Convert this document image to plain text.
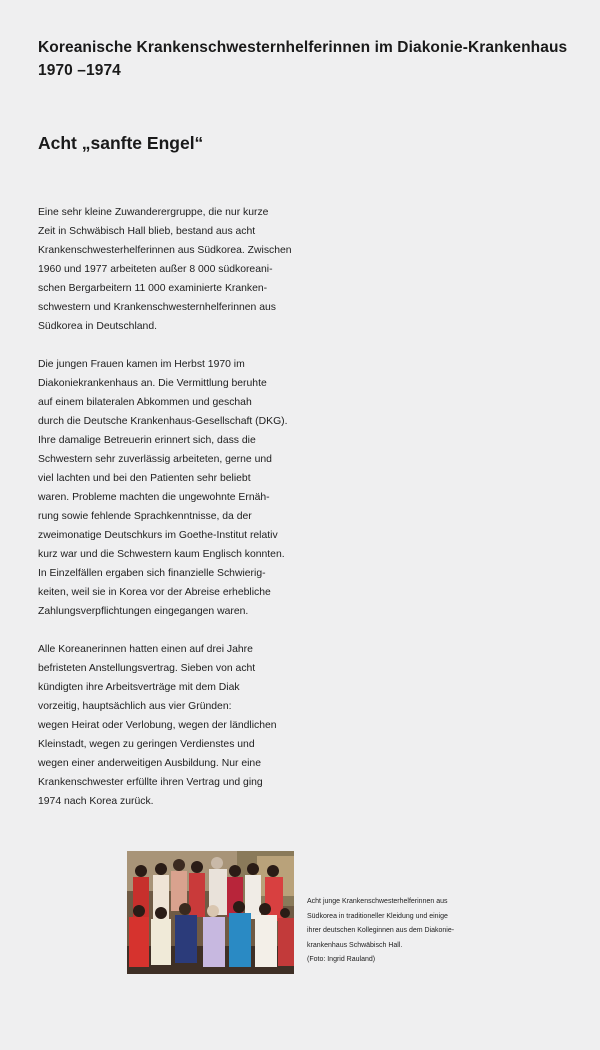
Koreanische Krankenschwesternhelferinnen im Diakonie-Krankenhaus
1970 –1974
Acht „sanfte Engel“

Eine sehr kleine Zuwanderergruppe, die nur kurze
Zeit in Schwäbisch Hall blieb, bestand aus acht
Krankenschwesterhelferinnen aus Südkorea. Zwischen
1960 und 1977 arbeiteten außer 8 000 südkoreani-
schen Bergarbeitern 11 000 examinierte Kranken-
schwestern und Krankenschwesternhelferinnen aus
Südkorea in Deutschland.

Die jungen Frauen kamen im Herbst 1970 im
Diakoniekrankenhaus an. Die Vermittlung beruhte
auf einem bilateralen Abkommen und geschah
durch die Deutsche Krankenhaus-Gesellschaft (DKG).
Ihre damalige Betreuerin erinnert sich, dass die
Schwestern sehr zuverlässig arbeiteten, gerne und
viel lachten und bei den Patienten sehr beliebt
waren. Probleme machten die ungewohnte Ernäh-
rung sowie fehlende Sprachkenntnisse, da der
zweimonatige Deutschkurs im Goethe-Institut relativ
kurz war und die Schwestern kaum Englisch konnten.
In Einzelfällen ergaben sich finanzielle Schwierig-
keiten, weil sie in Korea vor der Abreise erhebliche
Zahlungsverpflichtungen eingegangen waren.

Alle Koreanerinnen hatten einen auf drei Jahre
befristeten Anstellungsvertrag. Sieben von acht
kündigten ihre Arbeitsverträge mit dem Diak
vorzeitig, hauptsächlich aus vier Gründen:
wegen Heirat oder Verlobung, wegen der ländlichen
Kleinstadt, wegen zu geringen Verdienstes und
wegen einer anderweitigen Ausbildung. Nur eine
Krankenschwester erfüllte ihren Vertrag und ging
1974 nach Korea zurück.

Acht junge Krankenschwesterhelferinnen aus
Südkorea in traditioneller Kleidung und einige
ihrer deutschen Kolleginnen aus dem Diakonie-
krankenhaus Schwäbisch Hall.
(Foto: Ingrid Rauland)
